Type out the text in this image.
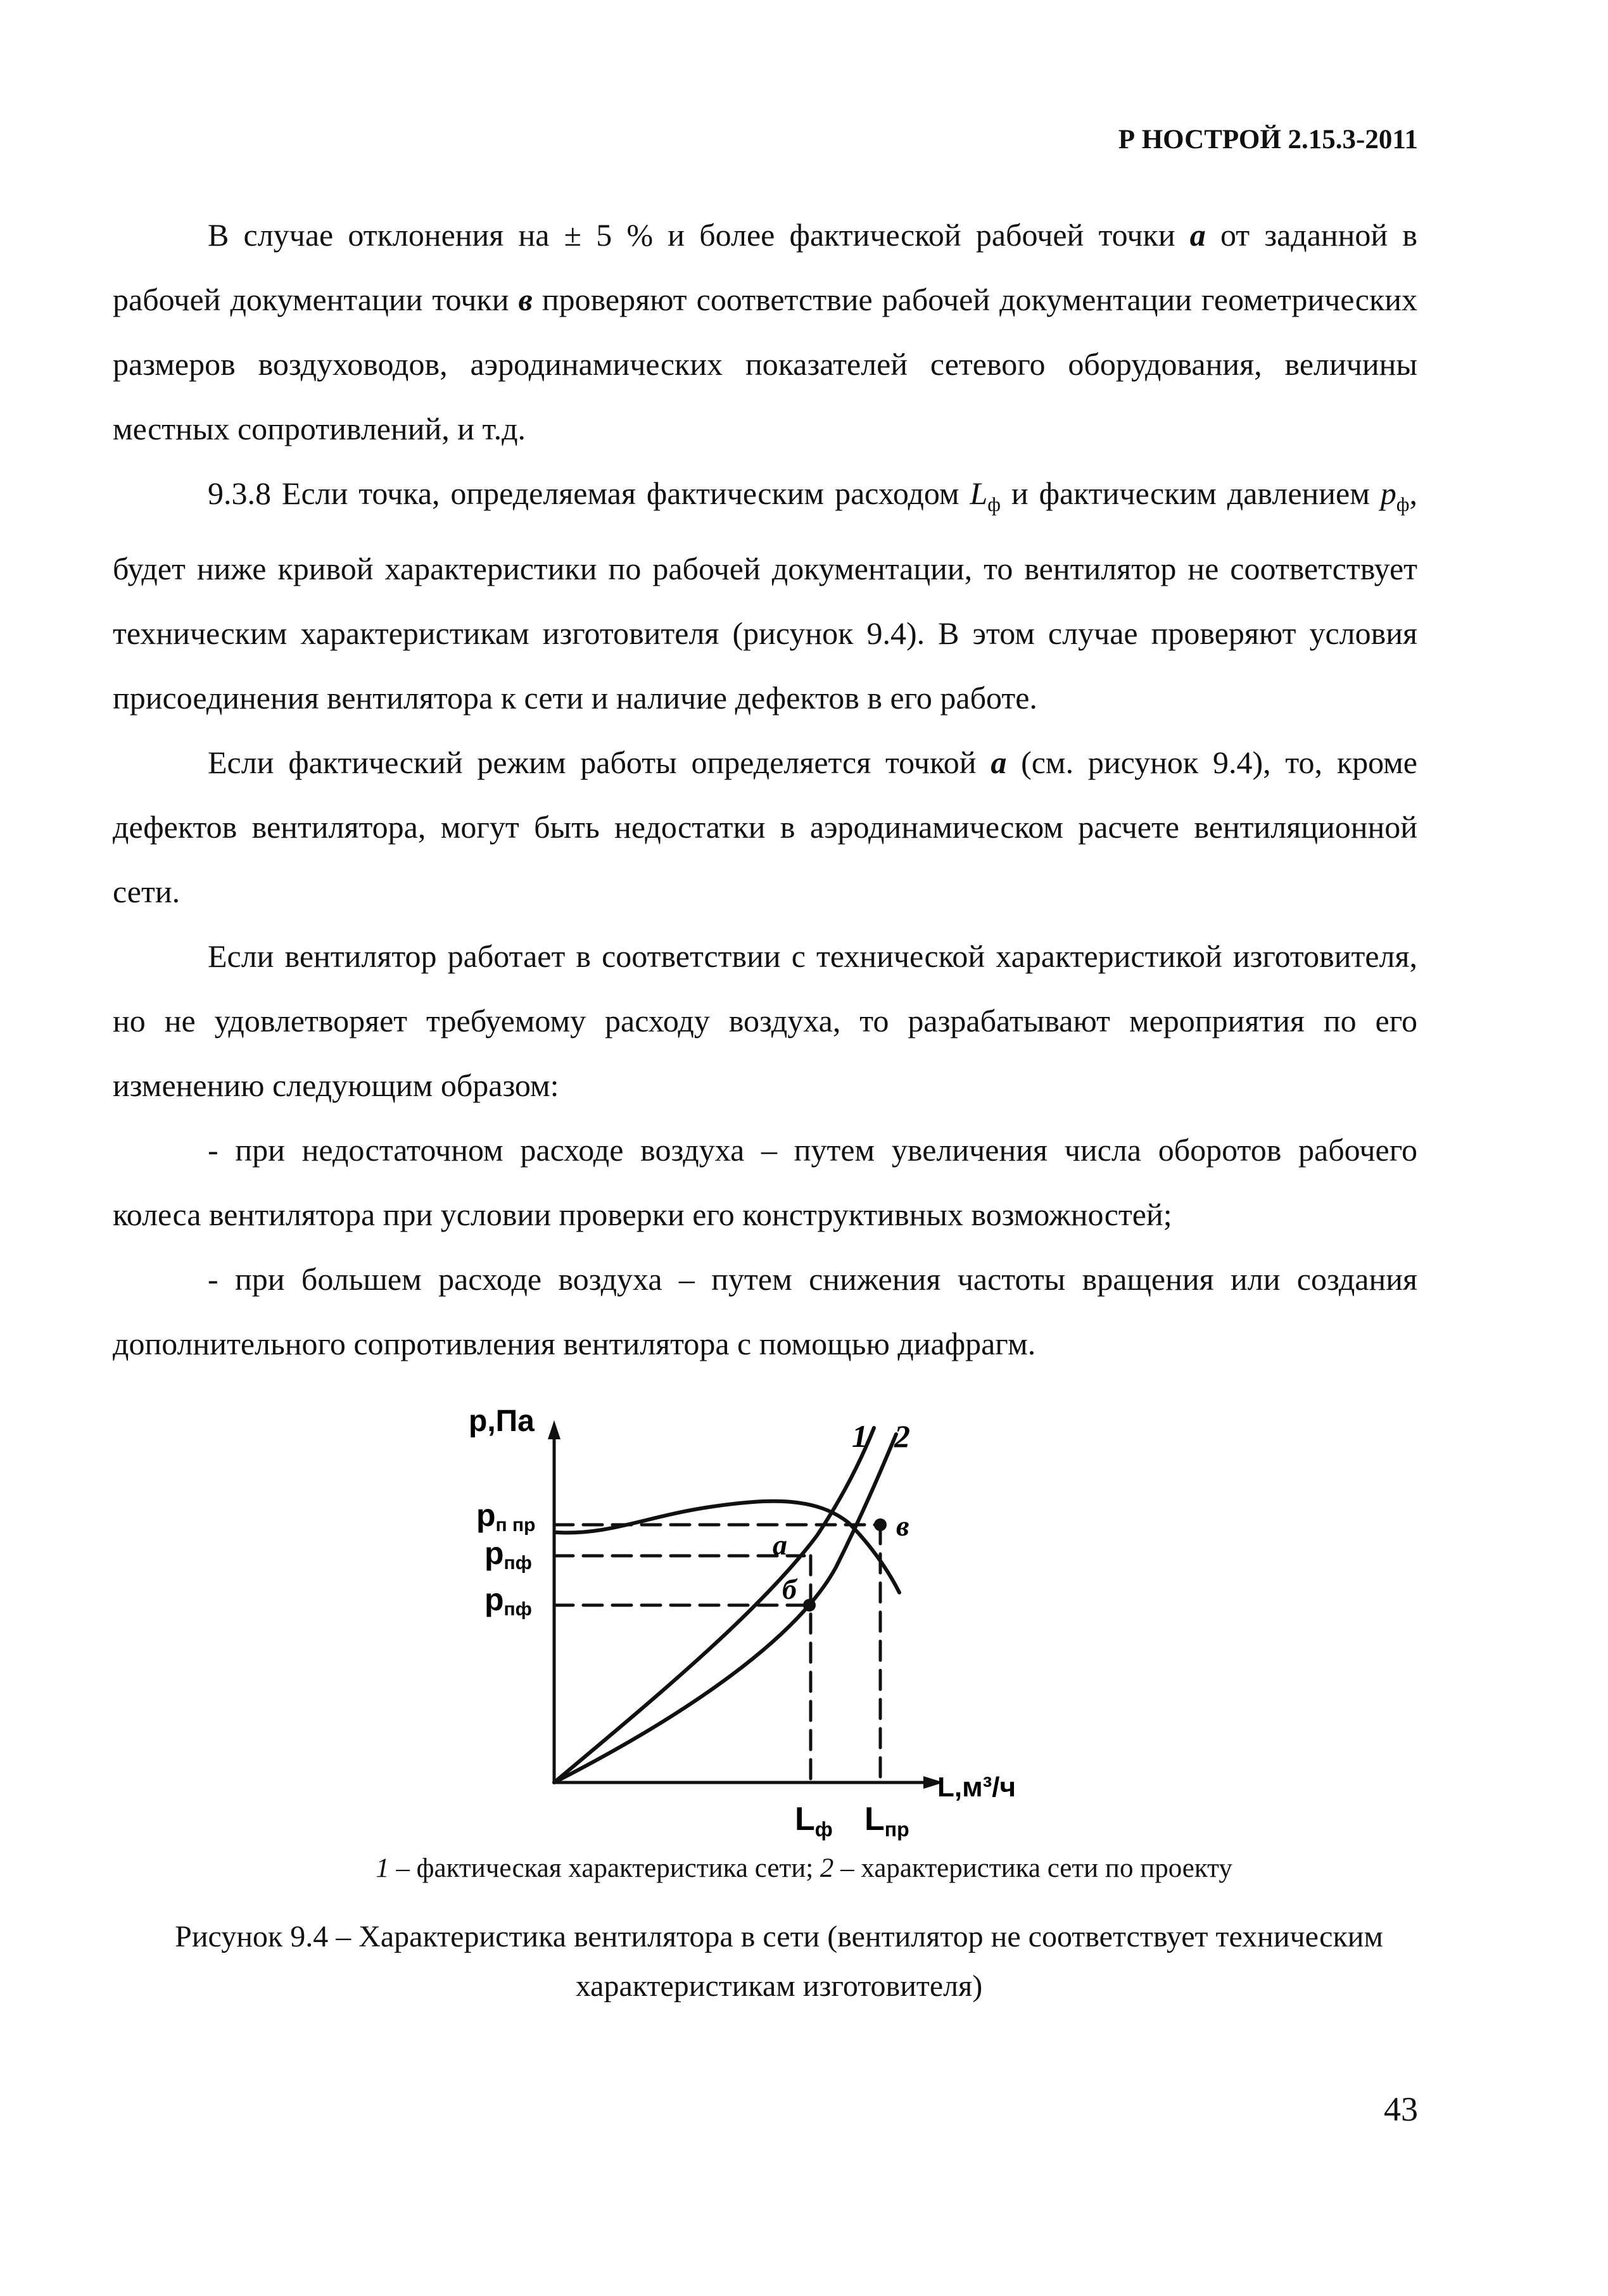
Р НОСТРОЙ 2.15.3-2011

В случае отклонения на ± 5 % и более фактической рабочей точки а от заданной в рабочей документации точки в проверяют соответствие рабочей документации геометрических размеров воздуховодов, аэродинамических показателей сетевого оборудования, величины местных сопротивлений, и т.д.

9.3.8 Если точка, определяемая фактическим расходом $L_ф$ и фактическим давлением $p_ф$, будет ниже кривой характеристики по рабочей документации, то вентилятор не соответствует техническим характеристикам изготовителя (рисунок 9.4). В этом случае проверяют условия присоединения вентилятора к сети и наличие дефектов в его работе.

Если фактический режим работы определяется точкой а (см. рисунок 9.4), то, кроме дефектов вентилятора, могут быть недостатки в аэродинамическом расчете вентиляционной сети.

Если вентилятор работает в соответствии с технической характеристикой изготовителя, но не удовлетворяет требуемому расходу воздуха, то разрабатывают мероприятия по его изменению следующим образом:

- при недостаточном расходе воздуха – путем увеличения числа оборотов рабочего колеса вентилятора при условии проверки его конструктивных возможностей;

- при большем расходе воздуха – путем снижения частоты вращения или создания дополнительного сопротивления вентилятора с помощью диафрагм.

p,Па
L,м³/ч
pп пр
pпф
pпф
Lф Lпр
1 2
а
б
в
1 – фактическая характеристика сети; 2 – характеристика сети по проекту
Рисунок 9.4 – Характеристика вентилятора в сети (вентилятор не соответствует техническим характеристикам изготовителя)
43
